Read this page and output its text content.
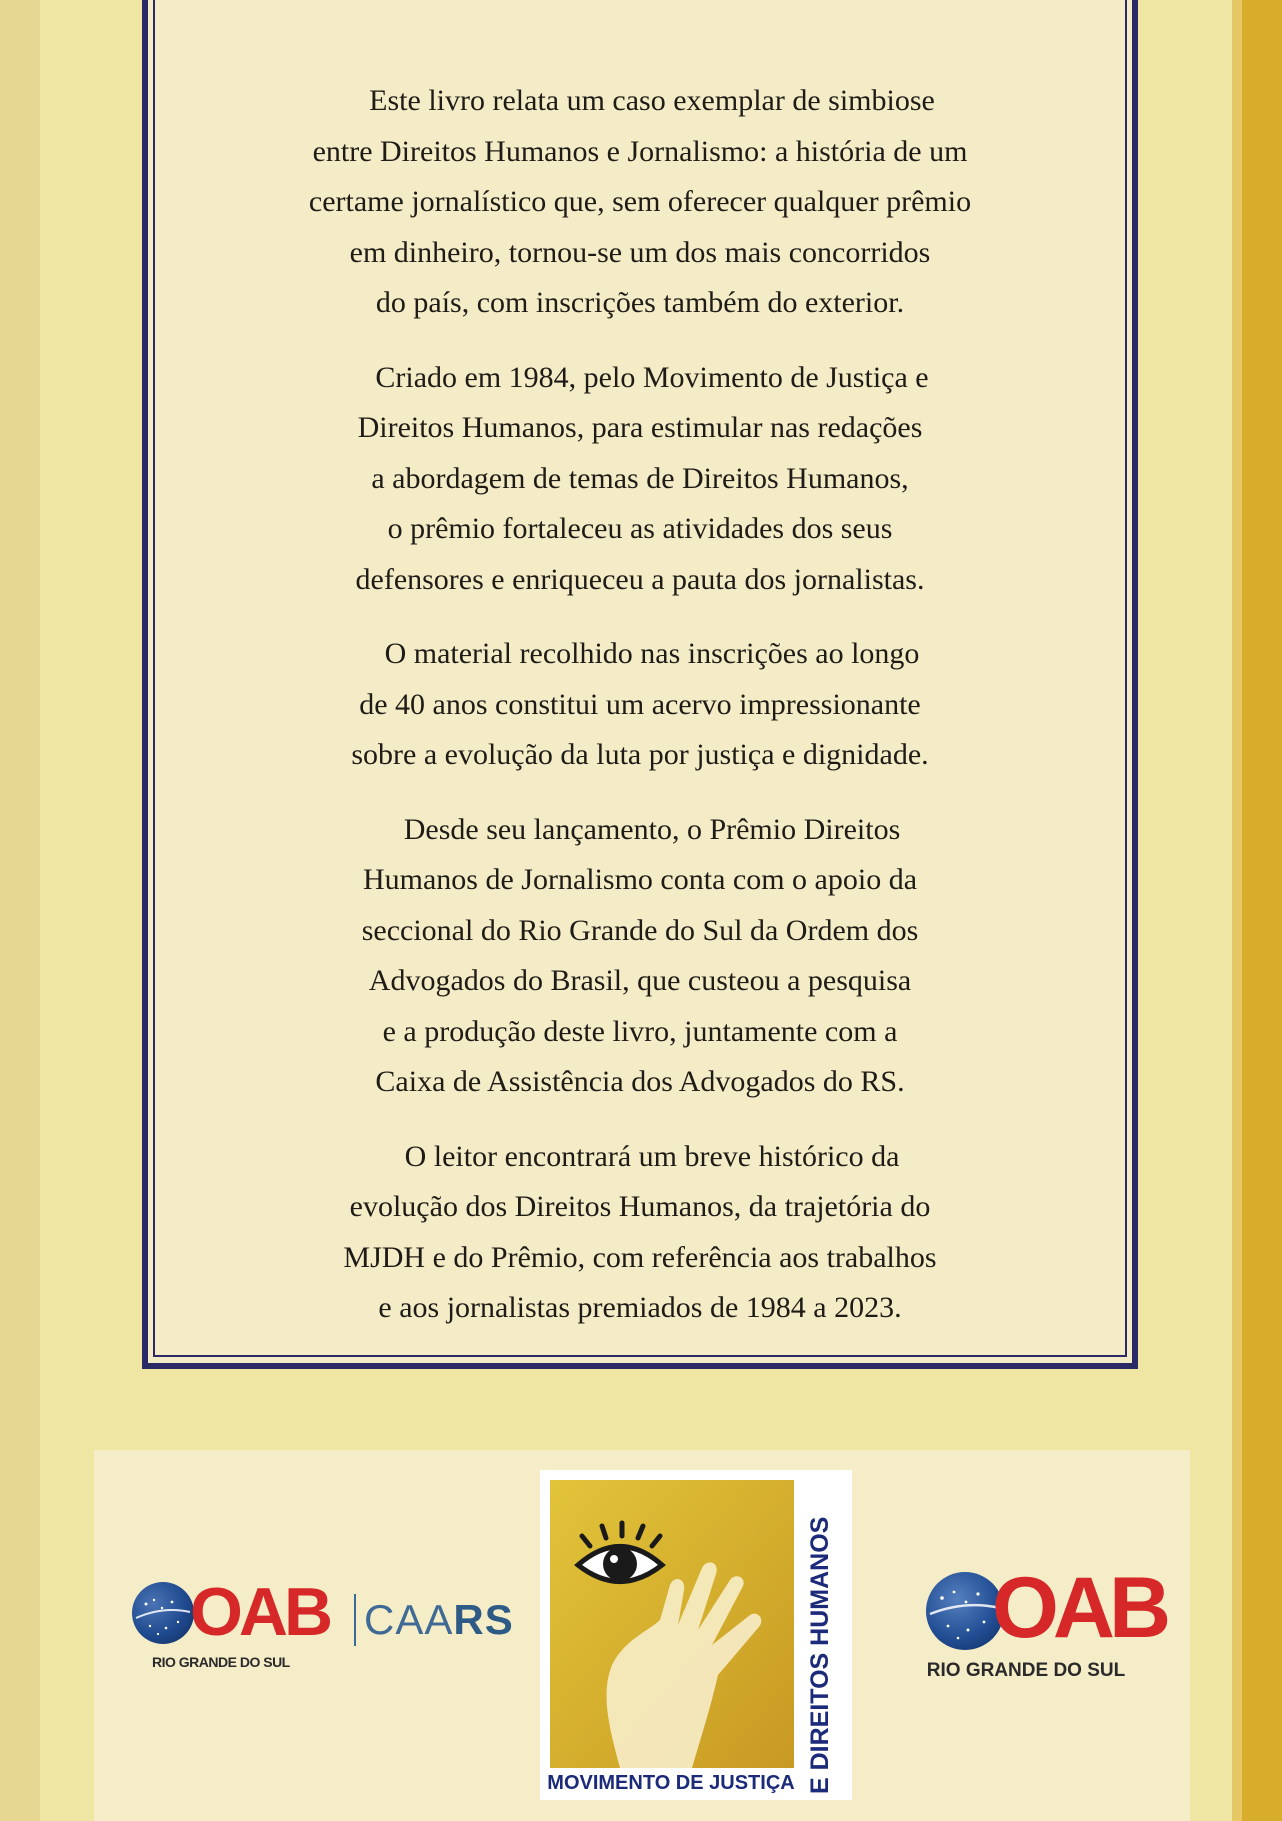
Este livro relata um caso exemplar de simbiose
entre Direitos Humanos e Jornalismo: a história de um
certame jornalístico que, sem oferecer qualquer prêmio
em dinheiro, tornou-se um dos mais concorridos
do país, com inscrições também do exterior.

Criado em 1984, pelo Movimento de Justiça e
Direitos Humanos, para estimular nas redações
a abordagem de temas de Direitos Humanos,
o prêmio fortaleceu as atividades dos seus
defensores e enriqueceu a pauta dos jornalistas.

O material recolhido nas inscrições ao longo
de 40 anos constitui um acervo impressionante
sobre a evolução da luta por justiça e dignidade.

Desde seu lançamento, o Prêmio Direitos
Humanos de Jornalismo conta com o apoio da
seccional do Rio Grande do Sul da Ordem dos
Advogados do Brasil, que custeou a pesquisa
e a produção deste livro, juntamente com a
Caixa de Assistência dos Advogados do RS.

O leitor encontrará um breve histórico da
evolução dos Direitos Humanos, da trajetória do
MJDH e do Prêmio, com referência aos trabalhos
e aos jornalistas premiados de 1984 a 2023.

OAB
RIO GRANDE DO SUL
CAARS	E DIREITOS HUMANOS
MOVIMENTO DE JUSTIÇA
OAB
RIO GRANDE DO SUL
